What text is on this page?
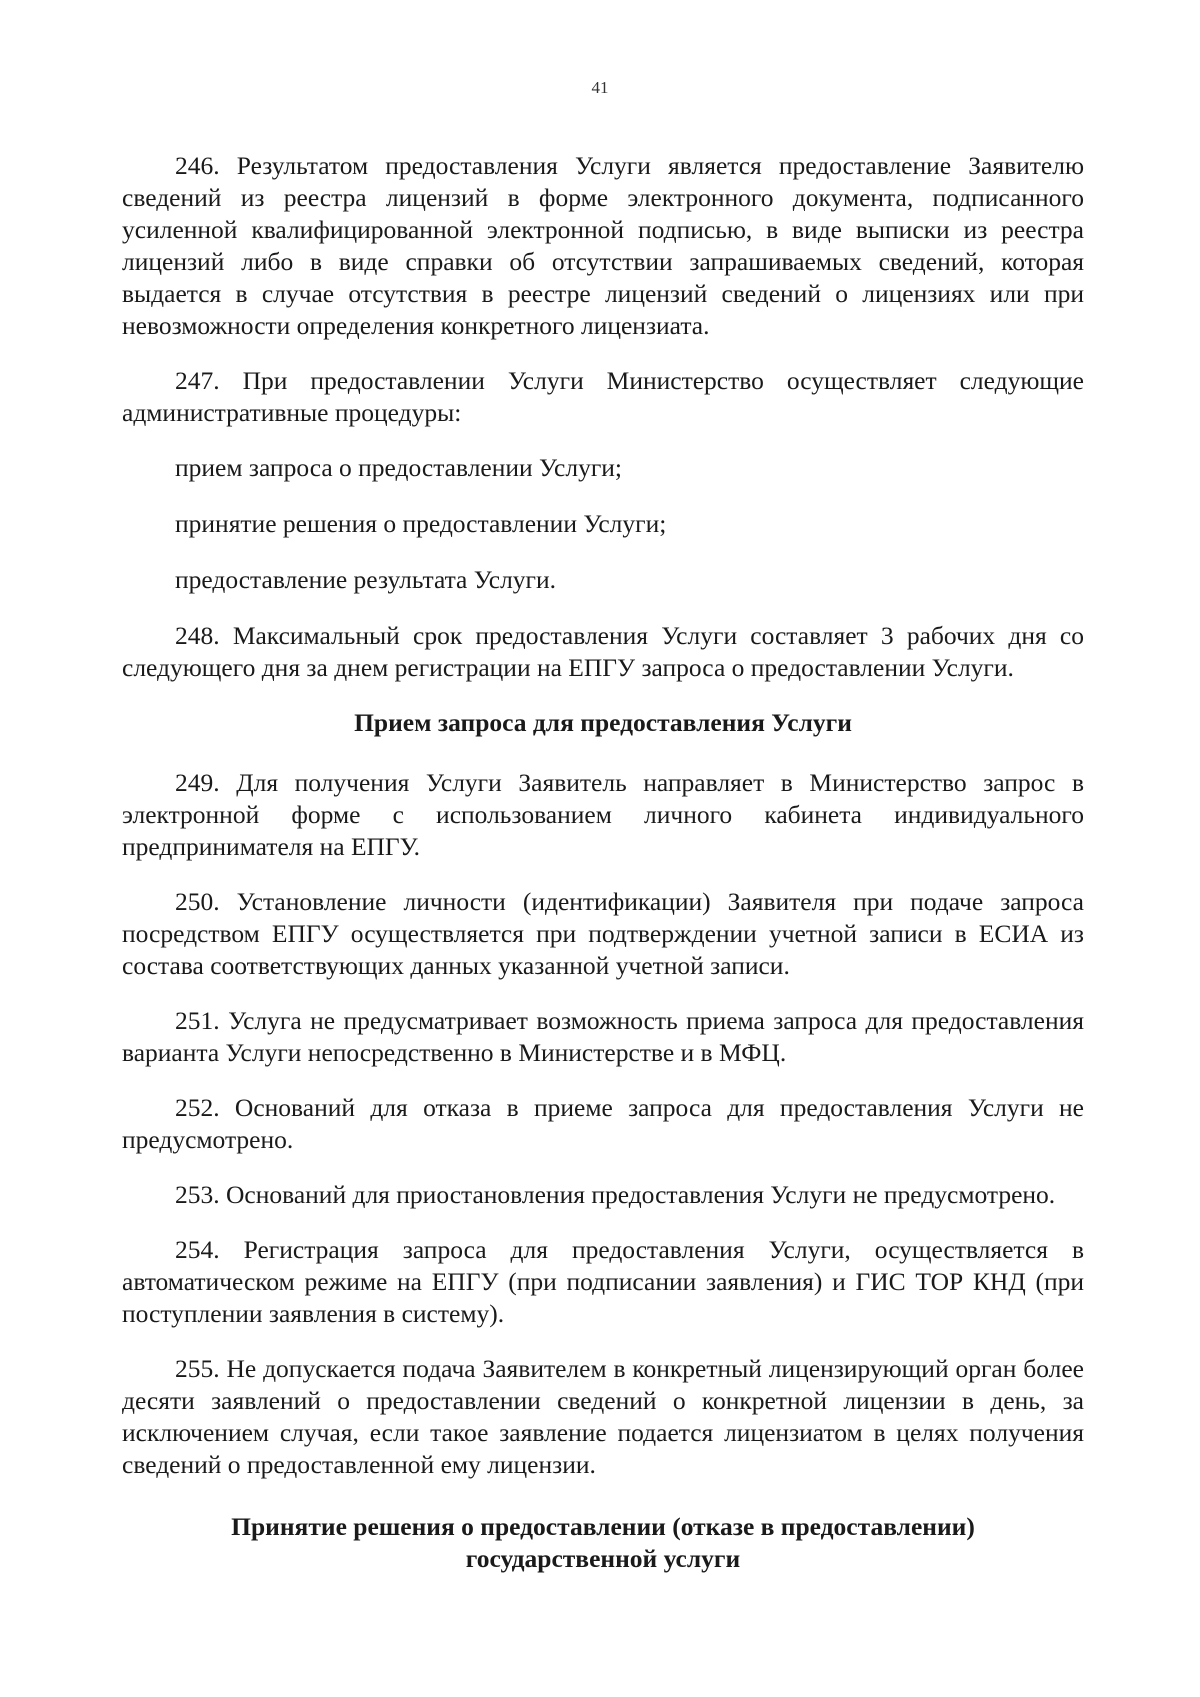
41

246. Результатом предоставления Услуги является предоставление Заявителю сведений из реестра лицензий в форме электронного документа, подписанного усиленной квалифицированной электронной подписью, в виде выписки из реестра лицензий либо в виде справки об отсутствии запрашиваемых сведений, которая выдается в случае отсутствия в реестре лицензий сведений о лицензиях или при невозможности определения конкретного лицензиата.

247. При предоставлении Услуги Министерство осуществляет следующие административные процедуры:

прием запроса о предоставлении Услуги;

принятие решения о предоставлении Услуги;

предоставление результата Услуги.

248. Максимальный срок предоставления Услуги составляет 3 рабочих дня со следующего дня за днем регистрации на ЕПГУ запроса о предоставлении Услуги.

Прием запроса для предоставления Услуги

249. Для получения Услуги Заявитель направляет в Министерство запрос в электронной форме с использованием личного кабинета индивидуального предпринимателя на ЕПГУ.

250. Установление личности (идентификации) Заявителя при подаче запроса посредством ЕПГУ осуществляется при подтверждении учетной записи в ЕСИА из состава соответствующих данных указанной учетной записи.

251. Услуга не предусматривает возможность приема запроса для предоставления варианта Услуги непосредственно в Министерстве и в МФЦ.

252. Оснований для отказа в приеме запроса для предоставления Услуги не предусмотрено.

253. Оснований для приостановления предоставления Услуги не предусмотрено.

254. Регистрация запроса для предоставления Услуги, осуществляется в автоматическом режиме на ЕПГУ (при подписании заявления) и ГИС ТОР КНД (при поступлении заявления в систему).

255. Не допускается подача Заявителем в конкретный лицензирующий орган более десяти заявлений о предоставлении сведений о конкретной лицензии в день, за исключением случая, если такое заявление подается лицензиатом в целях получения сведений о предоставленной ему лицензии.

Принятие решения о предоставлении (отказе в предоставлении)
государственной услуги
